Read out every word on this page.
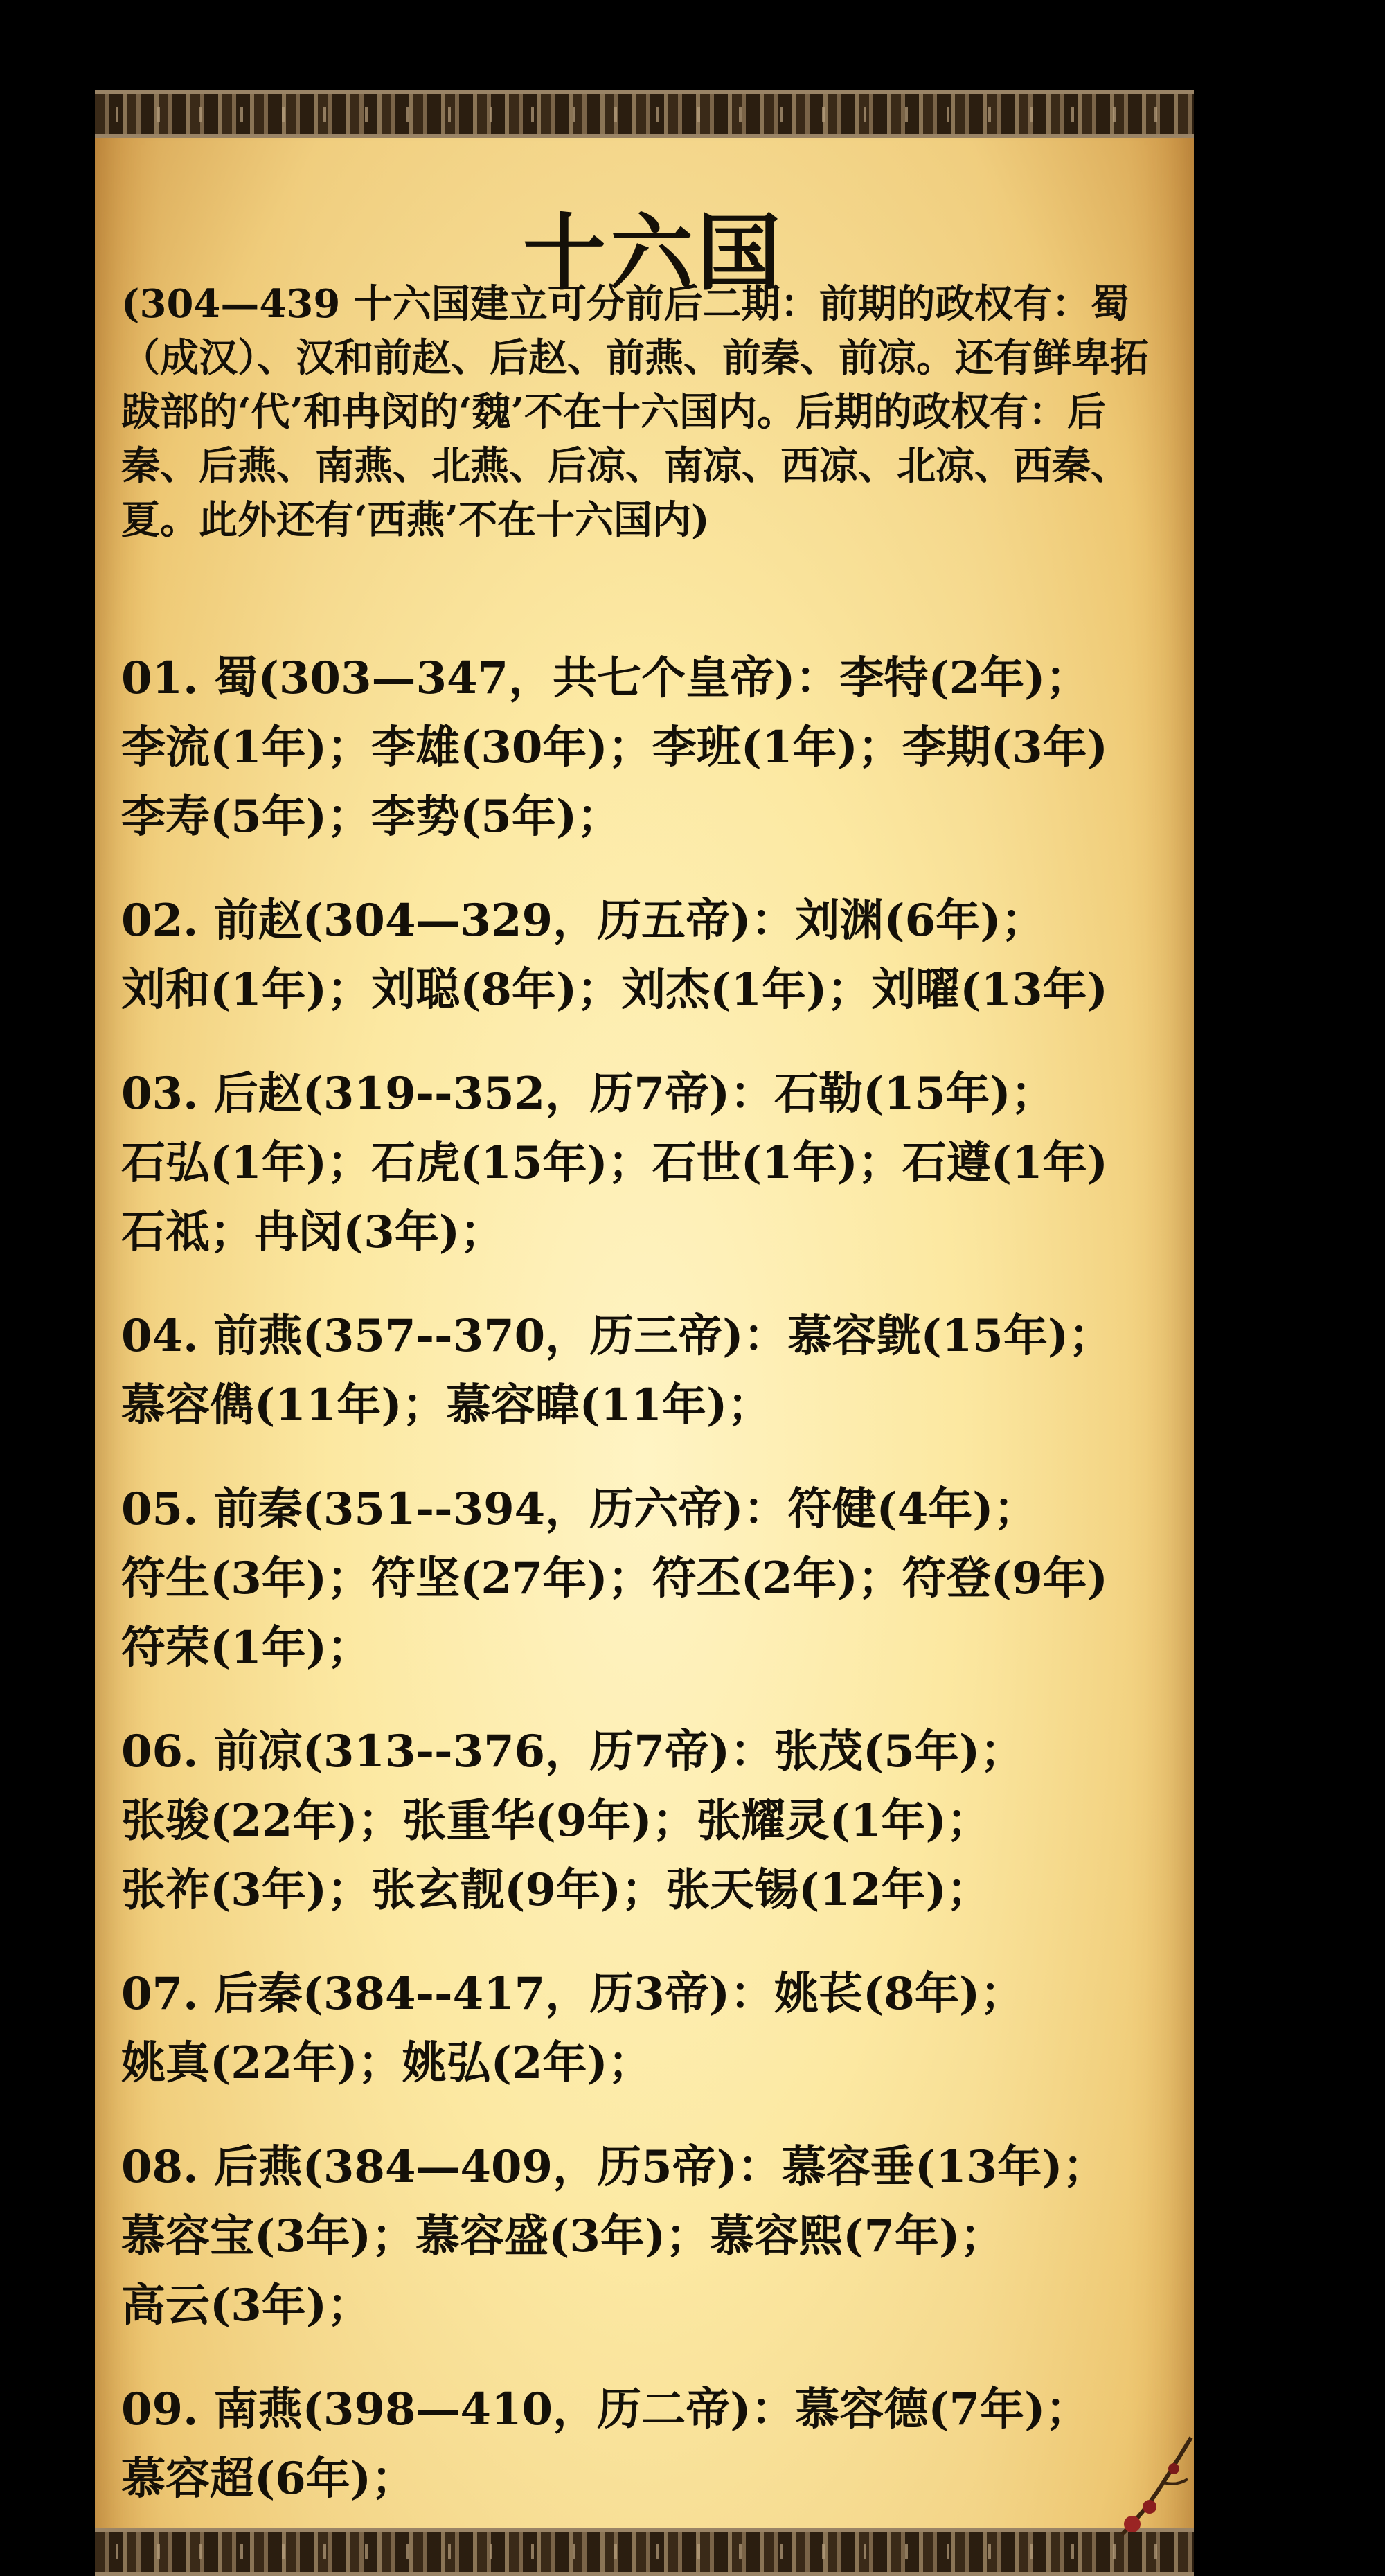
十六国

(304—439 十六国建立可分前后二期：前期的政权有：蜀（成汉）、汉和前赵、后赵、前燕、前秦、前凉。还有鲜卑拓跋部的‘代’和冉闵的‘魏’不在十六国内。后期的政权有：后秦、后燕、南燕、北燕、后凉、南凉、西凉、北凉、西秦、夏。此外还有‘西燕’不在十六国内)

01. 蜀(303—347，共七个皇帝)：李特(2年)；
李流(1年)；李雄(30年)；李班(1年)；李期(3年)
李寿(5年)；李势(5年)；
02. 前赵(304—329，历五帝)：刘渊(6年)；
刘和(1年)；刘聪(8年)；刘杰(1年)；刘曜(13年)
03. 后赵(319--352，历7帝)：石勒(15年)；
石弘(1年)；石虎(15年)；石世(1年)；石遵(1年)
石祗；冉闵(3年)；
04. 前燕(357--370，历三帝)：慕容皝(15年)；
慕容儁(11年)；慕容暐(11年)；
05. 前秦(351--394，历六帝)：符健(4年)；
符生(3年)；符坚(27年)；符丕(2年)；符登(9年)
符荣(1年)；
06. 前凉(313--376，历7帝)：张茂(5年)；
张骏(22年)；张重华(9年)；张耀灵(1年)；
张祚(3年)；张玄靓(9年)；张天锡(12年)；
07. 后秦(384--417，历3帝)：姚苌(8年)；
姚真(22年)；姚弘(2年)；
08. 后燕(384—409，历5帝)：慕容垂(13年)；
慕容宝(3年)；慕容盛(3年)；慕容熙(7年)；
高云(3年)；
09. 南燕(398—410，历二帝)：慕容德(7年)；
慕容超(6年)；
